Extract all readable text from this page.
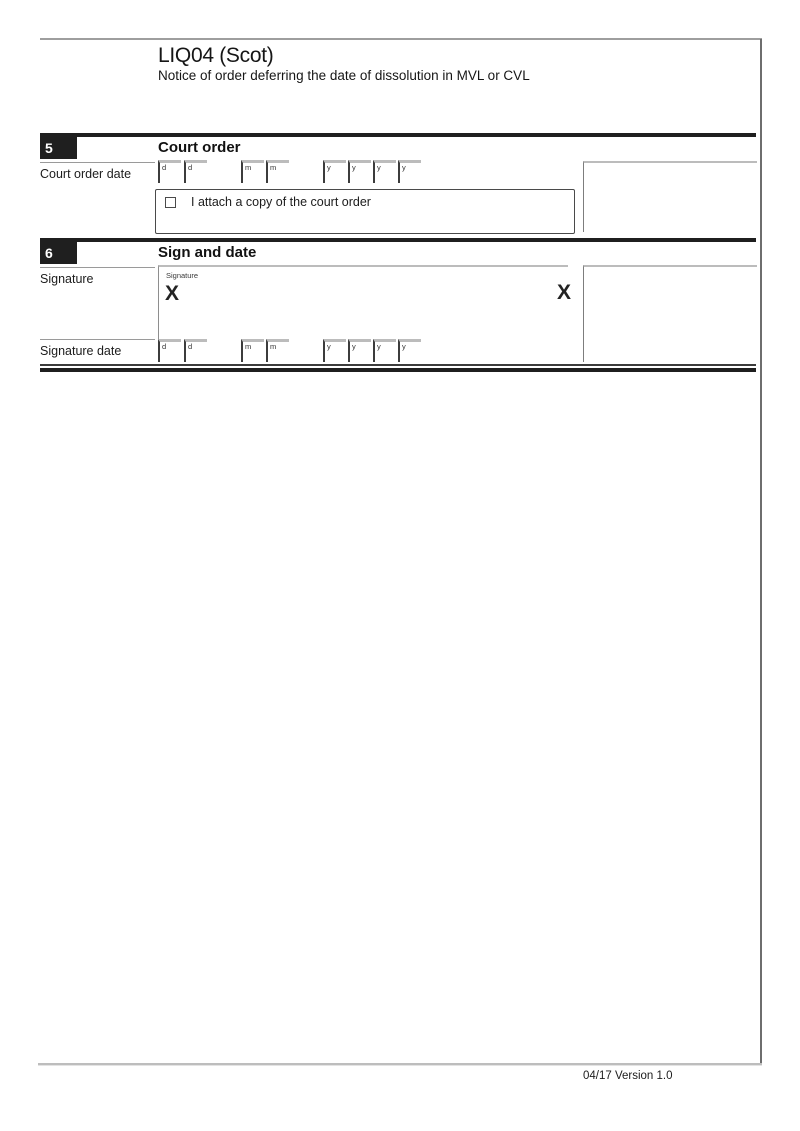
LIQ04 (Scot)
Notice of order deferring the date of dissolution in MVL or CVL
5	Court order
Court order date	d	d	m	m	y	y	y	y
I attach a copy of the court order
6	Sign and date
Signature	Signature
X	X
Signature date	d	d	m	m	y	y	y	y
04/17 Version 1.0
